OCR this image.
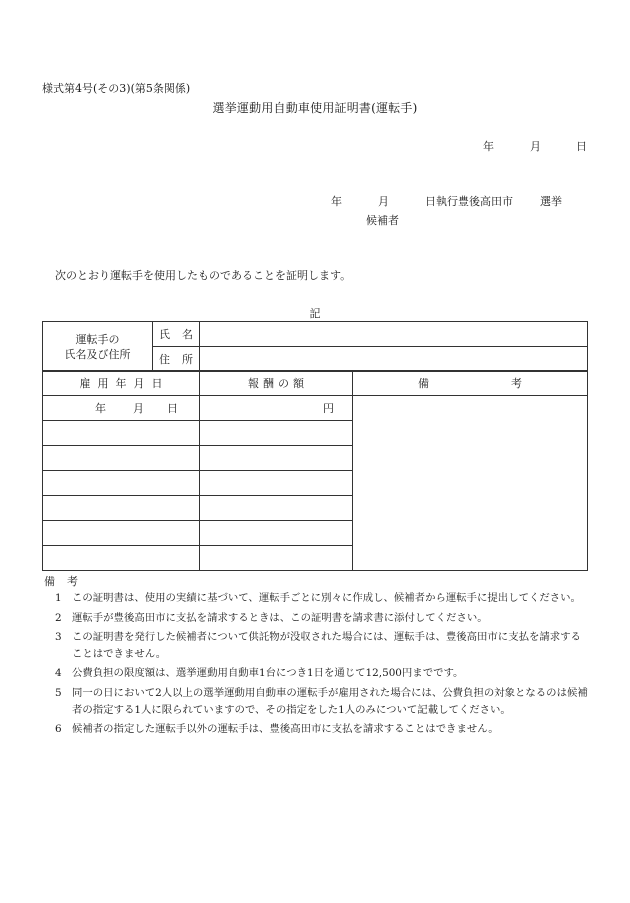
様式第4号(その3)(第5条関係)
選挙運動用自動車使用証明書(運転手)
年	月	日
年	月	日執行豊後高田市 選挙
候補者
次のとおり運転手を使用したものであることを証明します。
記
運転手の
氏名及び住所	氏名	
	住所	
雇用年月日	報酬の額	備考
年 月 日	円	

備考
1 この証明書は、使用の実績に基づいて、運転手ごとに別々に作成し、候補者から運転手に提出してください。
2 運転手が豊後高田市に支払を請求するときは、この証明書を請求書に添付してください。
3 この証明書を発行した候補者について供託物が没収された場合には、運転手は、豊後高田市に支払を請求することはできません。
4 公費負担の限度額は、選挙運動用自動車1台につき1日を通じて12,500円までです。
5 同一の日において2人以上の選挙運動用自動車の運転手が雇用された場合には、公費負担の対象となるのは候補者の指定する1人に限られていますので、その指定をした1人のみについて記載してください。
6 候補者の指定した運転手以外の運転手は、豊後高田市に支払を請求することはできません。
